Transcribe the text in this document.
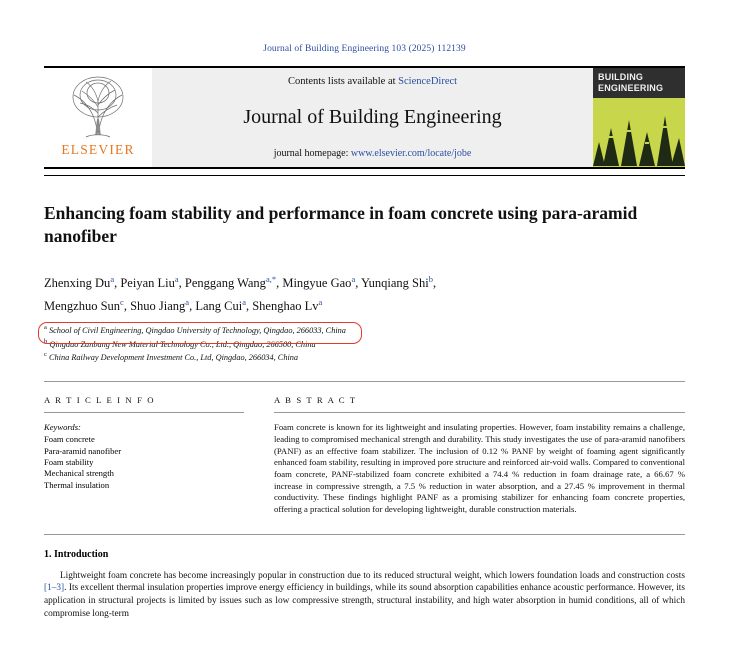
Journal of Building Engineering 103 (2025) 112139
ELSEVIER
Contents lists available at ScienceDirect
Journal of Building Engineering
journal homepage: www.elsevier.com/locate/jobe
BUILDING
ENGINEERING
Enhancing foam stability and performance in foam concrete using para-aramid nanofiber
Zhenxing Du$^a$, Peiyan Liu$^a$, Penggang Wang$^{a,*}$, Mingyue Gao$^a$, Yunqiang Shi$^b$,
Mengzhuo Sun$^c$, Shuo Jiang$^a$, Lang Cui$^a$, Shenghao Lv$^a$
$^a$ School of Civil Engineering, Qingdao University of Technology, Qingdao, 266033, China
$^b$ Qingdao Zanbang New Material Technology Co., Ltd., Qingdao, 266500, China
$^c$ China Railway Development Investment Co., Ltd, Qingdao, 266034, China
A R T I C L E I N F O
Keywords:
Foam concrete
Para-aramid nanofiber
Foam stability
Mechanical strength
Thermal insulation
A B S T R A C T
Foam concrete is known for its lightweight and insulating properties. However, foam instability remains a challenge, leading to compromised mechanical strength and durability. This study investigates the use of para-aramid nanofibers (PANF) as an effective foam stabilizer. The inclusion of 0.12 % PANF by weight of foaming agent significantly enhanced foam stability, resulting in improved pore structure and reinforced air-void walls. Compared to conventional foam concrete, PANF-stabilized foam concrete exhibited a 74.4 % reduction in foam drainage rate, a 66.67 % increase in compressive strength, a 7.5 % reduction in water absorption, and a 27.45 % improvement in thermal conductivity. These findings highlight PANF as a promising stabilizer for enhancing foam concrete properties, offering a practical solution for developing lightweight, durable construction materials.
1. Introduction

Lightweight foam concrete has become increasingly popular in construction due to its reduced structural weight, which lowers foundation loads and construction costs [1–3]. Its excellent thermal insulation properties improve energy efficiency in buildings, while its sound absorption capabilities enhance acoustic performance. However, its application in structural projects is limited by issues such as low compressive strength, structural instability, and high water absorption in humid conditions, all of which compromise long-term
